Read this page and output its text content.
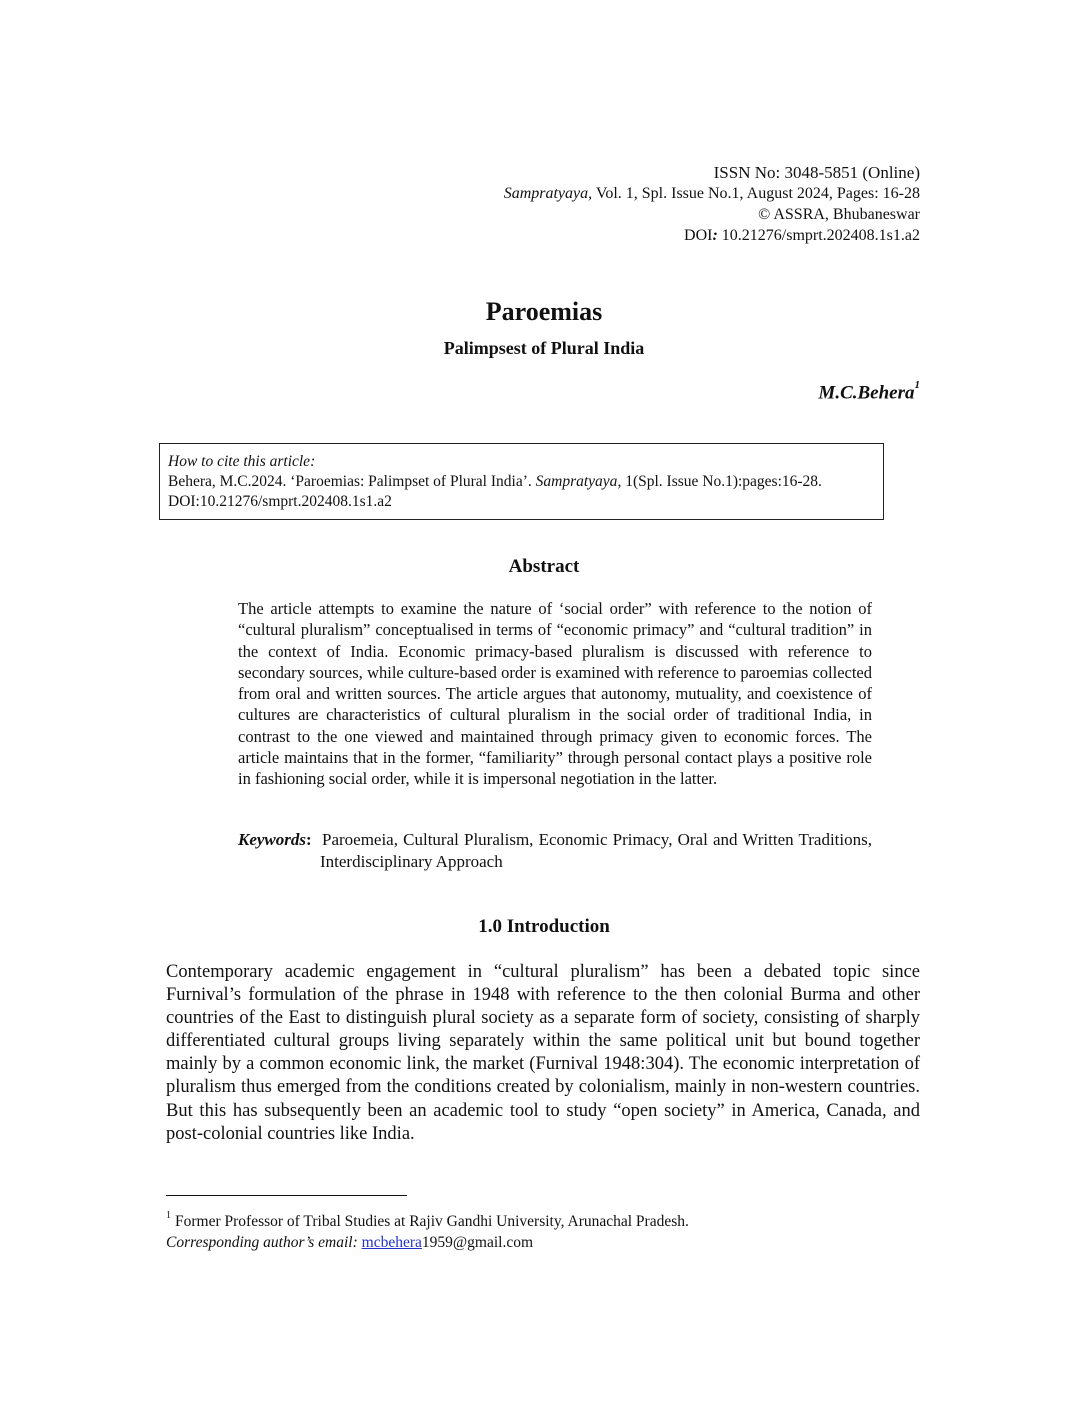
ISSN No: 3048-5851 (Online)
Sampratyaya, Vol. 1, Spl. Issue No.1, August 2024, Pages: 16-28
© ASSRA, Bhubaneswar
DOI: 10.21276/smprt.202408.1s1.a2
Paroemias
Palimpsest of Plural India
M.C.Behera$^1$
How to cite this article:
Behera, M.C.2024. ‘Paroemias: Palimpset of Plural India’. Sampratyaya, 1(Spl. Issue No.1):pages:16-28.
DOI:10.21276/smprt.202408.1s1.a2
Abstract

The article attempts to examine the nature of ‘social order” with reference to the notion of “cultural pluralism” conceptualised in terms of “economic primacy” and “cultural tradition” in the context of India. Economic primacy-based pluralism is discussed with reference to secondary sources, while culture-based order is examined with reference to paroemias collected from oral and written sources. The article argues that autonomy, mutuality, and coexistence of cultures are characteristics of cultural pluralism in the social order of traditional India, in contrast to the one viewed and maintained through primacy given to economic forces. The article maintains that in the former, “familiarity” through personal contact plays a positive role in fashioning social order, while it is impersonal negotiation in the latter.

Keywords: Paroemeia, Cultural Pluralism, Economic Primacy, Oral and Written Traditions, Interdisciplinary Approach
1.0 Introduction

Contemporary academic engagement in “cultural pluralism” has been a debated topic since Furnival’s formulation of the phrase in 1948 with reference to the then colonial Burma and other countries of the East to distinguish plural society as a separate form of society, consisting of sharply differentiated cultural groups living separately within the same political unit but bound together mainly by a common economic link, the market (Furnival 1948:304). The economic interpretation of pluralism thus emerged from the conditions created by colonialism, mainly in non-western countries. But this has subsequently been an academic tool to study “open society” in America, Canada, and post-colonial countries like India.

$^1$ Former Professor of Tribal Studies at Rajiv Gandhi University, Arunachal Pradesh.
Corresponding author’s email: mcbehera1959@gmail.com
